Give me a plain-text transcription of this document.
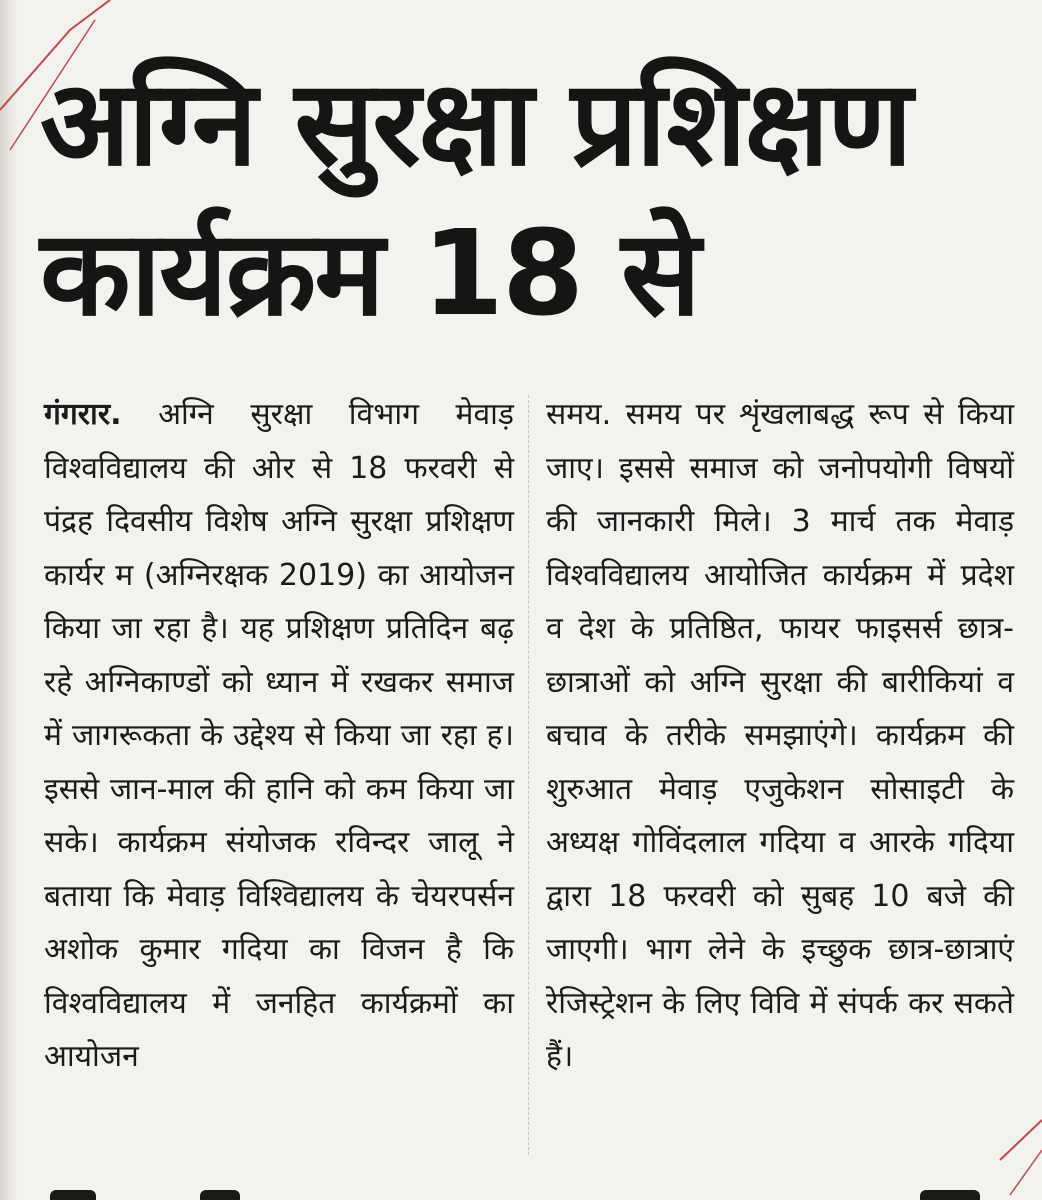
अग्नि सुरक्षा प्रशिक्षण
कार्यक्रम 18 से

गंगरार. अग्नि सुरक्षा विभाग मेवाड़ विश्वविद्यालय की ओर से 18 फरवरी से पंद्रह दिवसीय विशेष अग्नि सुरक्षा प्रशिक्षण कार्यर म (अग्निरक्षक 2019) का आयोजन किया जा रहा है। यह प्रशिक्षण प्रतिदिन बढ़ रहे अग्निकाण्डों को ध्यान में रखकर समाज में जागरूकता के उद्देश्य से किया जा रहा ह। इससे जान-माल की हानि को कम किया जा सके। कार्यक्रम संयोजक रविन्दर जालू ने बताया कि मेवाड़ विश्विद्यालय के चेयरपर्सन अशोक कुमार गदिया का विजन है कि विश्वविद्यालय में जनहित कार्यक्रमों का आयोजन

समय. समय पर शृंखलाबद्ध रूप से किया जाए। इससे समाज को जनोपयोगी विषयों की जानकारी मिले। 3 मार्च तक मेवाड़ विश्वविद्यालय आयोजित कार्यक्रम में प्रदेश व देश के प्रतिष्ठित, फायर फाइसर्स छात्र-छात्राओं को अग्नि सुरक्षा की बारीकियां व बचाव के तरीके समझाएंगे। कार्यक्रम की शुरुआत मेवाड़ एजुकेशन सोसाइटी के अध्यक्ष गोविंदलाल गदिया व आरके गदिया द्वारा 18 फरवरी को सुबह 10 बजे की जाएगी। भाग लेने के इच्छुक छात्र-छात्राएं रेजिस्ट्रेशन के लिए विवि में संपर्क कर सकते हैं।
